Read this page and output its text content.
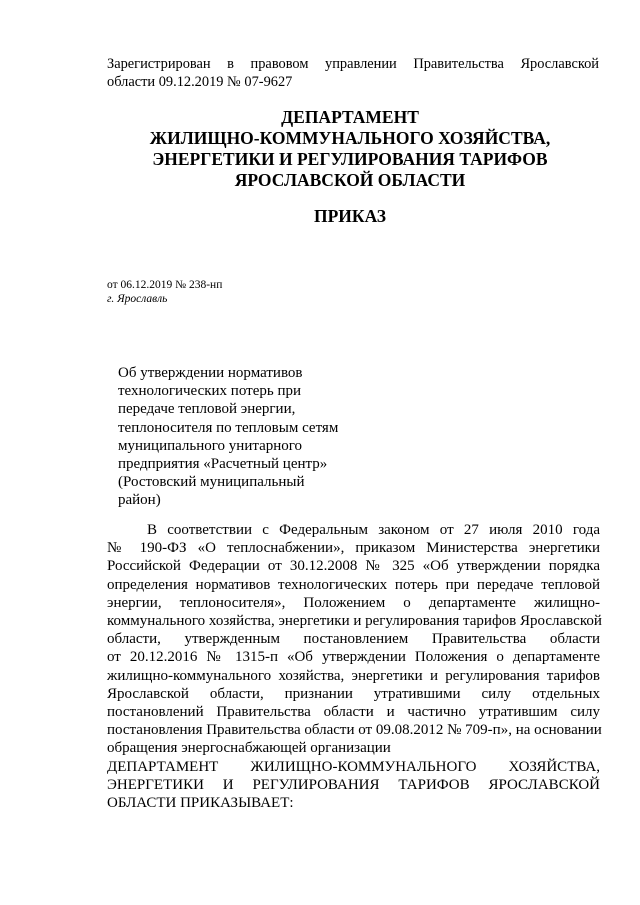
Зарегистрирован в правовом управлении Правительства Ярославской
области 09.12.2019 № 07-9627
ДЕПАРТАМЕНТ
ЖИЛИЩНО-КОММУНАЛЬНОГО ХОЗЯЙСТВА,
ЭНЕРГЕТИКИ И РЕГУЛИРОВАНИЯ ТАРИФОВ
ЯРОСЛАВСКОЙ ОБЛАСТИ
ПРИКАЗ
от 06.12.2019 № 238-нп
г. Ярославль
Об утверждении нормативов
технологических потерь при
передаче тепловой энергии,
теплоносителя по тепловым сетям
муниципального унитарного
предприятия «Расчетный центр»
(Ростовский муниципальный
район)
В соответствии с Федеральным законом от 27 июля 2010 года
№ 190-ФЗ «О теплоснабжении», приказом Министерства энергетики
Российской Федерации от 30.12.2008 № 325 «Об утверждении порядка
определения нормативов технологических потерь при передаче тепловой
энергии, теплоносителя», Положением о департаменте жилищно-
коммунального хозяйства, энергетики и регулирования тарифов Ярославской
области, утвержденным постановлением Правительства области
от 20.12.2016 № 1315-п «Об утверждении Положения о департаменте
жилищно-коммунального хозяйства, энергетики и регулирования тарифов
Ярославской области, признании утратившими силу отдельных
постановлений Правительства области и частично утратившим силу
постановления Правительства области от 09.08.2012 № 709-п», на основании
обращения энергоснабжающей организации
ДЕПАРТАМЕНТ ЖИЛИЩНО-КОММУНАЛЬНОГО ХОЗЯЙСТВА,
ЭНЕРГЕТИКИ И РЕГУЛИРОВАНИЯ ТАРИФОВ ЯРОСЛАВСКОЙ
ОБЛАСТИ ПРИКАЗЫВАЕТ:
